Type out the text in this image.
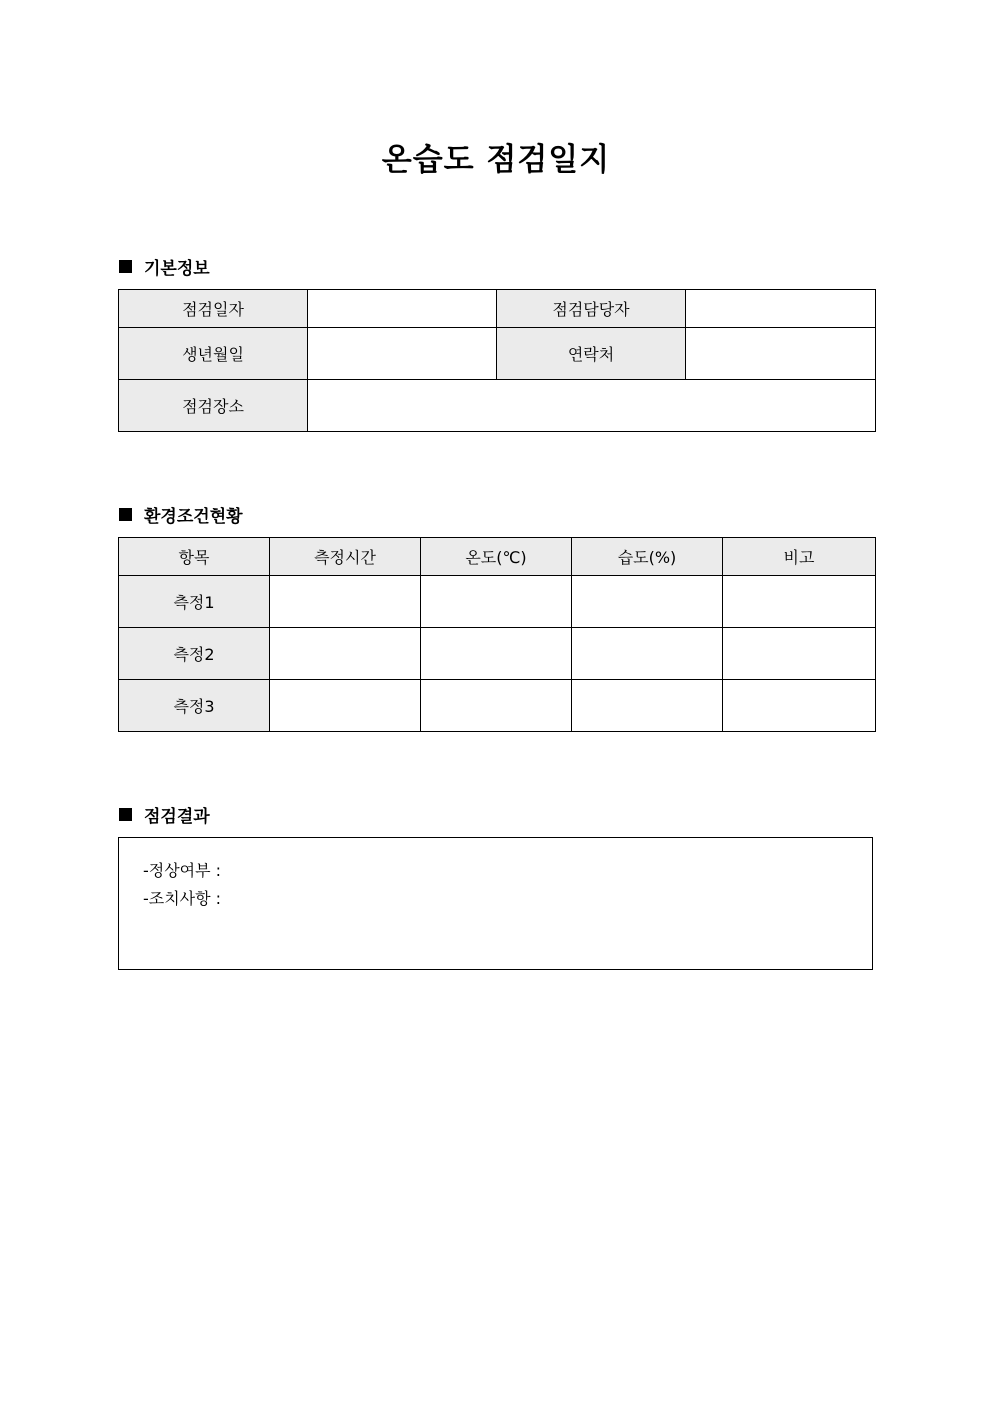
온습도 점검일지
기본정보
점검일자		점검담당자	
생년월일		연락처	
점검장소			
환경조건현황
항목	측정시간	온도(℃)	습도(%)	비고
측정1				
측정2				
측정3				
점검결과
-정상여부 :
-조치사항 :
